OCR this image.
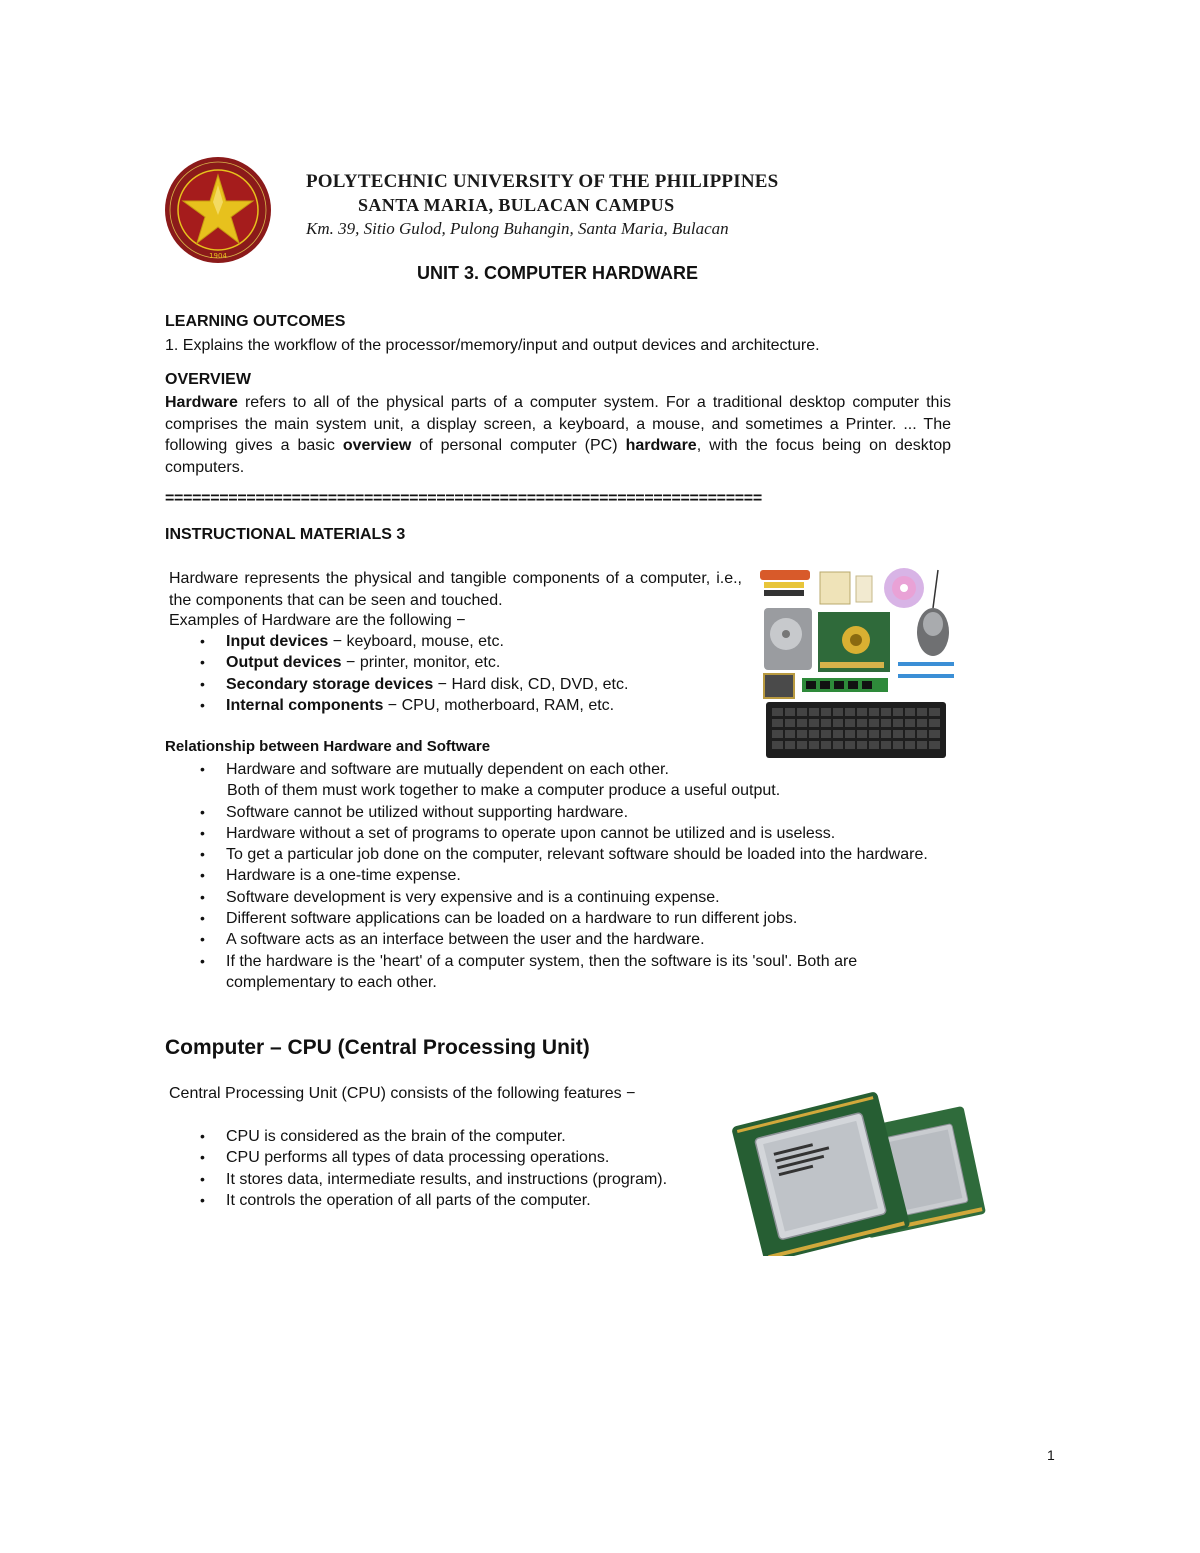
1904
POLYTECHNIC UNIVERSITY OF THE PHILIPPINES
SANTA MARIA, BULACAN CAMPUS
Km. 39, Sitio Gulod, Pulong Buhangin, Santa Maria, Bulacan
UNIT 3. COMPUTER HARDWARE
LEARNING OUTCOMES
1. Explains the workflow of the processor/memory/input and output devices and architecture.
OVERVIEW
Hardware refers to all of the physical parts of a computer system. For a traditional desktop computer this comprises the main system unit, a display screen, a keyboard, a mouse, and sometimes a Printer. ... The following gives a basic overview of personal computer (PC) hardware, with the focus being on desktop computers.
==================================================================
INSTRUCTIONAL MATERIALS 3
Hardware represents the physical and tangible components of a computer, i.e., the components that can be seen and touched.
Examples of Hardware are the following −
• Input devices − keyboard, mouse, etc.
• Output devices − printer, monitor, etc.
• Secondary storage devices − Hard disk, CD, DVD, etc.
• Internal components − CPU, motherboard, RAM, etc.
Relationship between Hardware and Software
• Hardware and software are mutually dependent on each other.
Both of them must work together to make a computer produce a useful output.
• Software cannot be utilized without supporting hardware.
• Hardware without a set of programs to operate upon cannot be utilized and is useless.
• To get a particular job done on the computer, relevant software should be loaded into the hardware.
• Hardware is a one-time expense.
• Software development is very expensive and is a continuing expense.
• Different software applications can be loaded on a hardware to run different jobs.
• A software acts as an interface between the user and the hardware.
• If the hardware is the 'heart' of a computer system, then the software is its 'soul'. Both are complementary to each other.
Computer – CPU (Central Processing Unit)
Central Processing Unit (CPU) consists of the following features −
• CPU is considered as the brain of the computer.
• CPU performs all types of data processing operations.
• It stores data, intermediate results, and instructions (program).
• It controls the operation of all parts of the computer.
1
